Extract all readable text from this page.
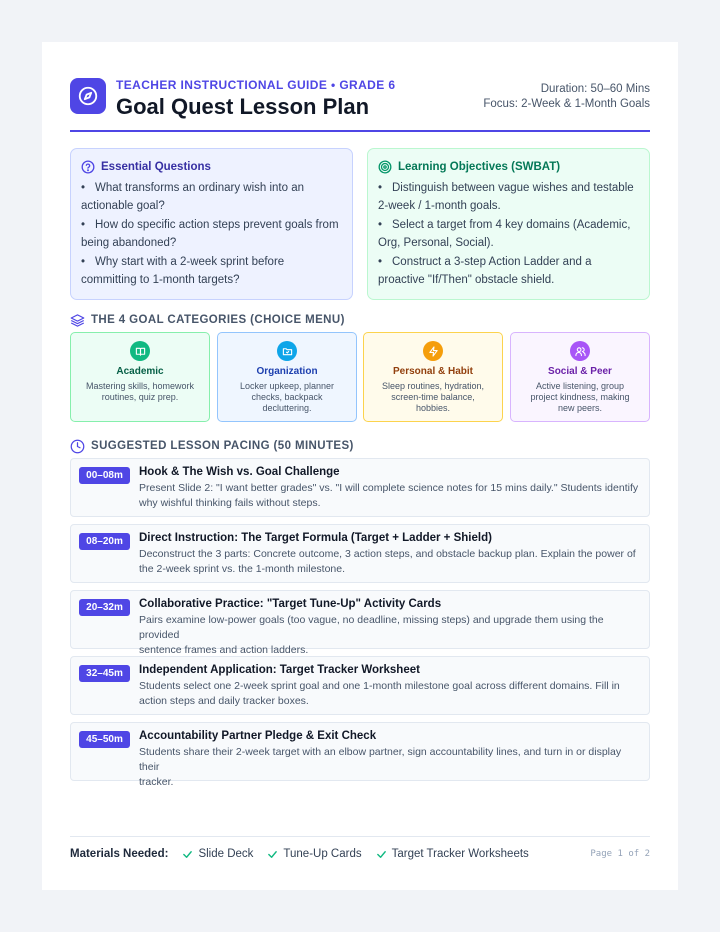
TEACHER INSTRUCTIONAL GUIDE • GRADE 6
Goal Quest Lesson Plan
Duration: 50–60 Mins
Focus: 2-Week & 1-Month Goals
Essential Questions
• What transforms an ordinary wish into an actionable goal?
• How do specific action steps prevent goals from being abandoned?
• Why start with a 2-week sprint before committing to 1-month targets?
Learning Objectives (SWBAT)
• Distinguish between vague wishes and testable 2-week / 1-month goals.
• Select a target from 4 key domains (Academic, Org, Personal, Social).
• Construct a 3-step Action Ladder and a proactive "If/Then" obstacle shield.
THE 4 GOAL CATEGORIES (CHOICE MENU)
Academic
Mastering skills, homework
routines, quiz prep.
Organization
Locker upkeep, planner
checks, backpack
decluttering.
Personal & Habit
Sleep routines, hydration,
screen-time balance,
hobbies.
Social & Peer
Active listening, group
project kindness, making
new peers.
SUGGESTED LESSON PACING (50 MINUTES)
00–08m	Hook & The Wish vs. Goal Challenge
Present Slide 2: "I want better grades" vs. "I will complete science notes for 15 mins daily." Students identify
why wishful thinking fails without steps.
08–20m	Direct Instruction: The Target Formula (Target + Ladder + Shield)
Deconstruct the 3 parts: Concrete outcome, 3 action steps, and obstacle backup plan. Explain the power of
the 2-week sprint vs. the 1-month milestone.
20–32m	Collaborative Practice: "Target Tune-Up" Activity Cards
Pairs examine low-power goals (too vague, no deadline, missing steps) and upgrade them using the provided
sentence frames and action ladders.
32–45m	Independent Application: Target Tracker Worksheet
Students select one 2-week sprint goal and one 1-month milestone goal across different domains. Fill in
action steps and daily tracker boxes.
45–50m	Accountability Partner Pledge & Exit Check
Students share their 2-week target with an elbow partner, sign accountability lines, and turn in or display their
tracker.
Materials Needed:	Slide Deck	Tune-Up Cards	Target Tracker Worksheets	Page 1 of 2
